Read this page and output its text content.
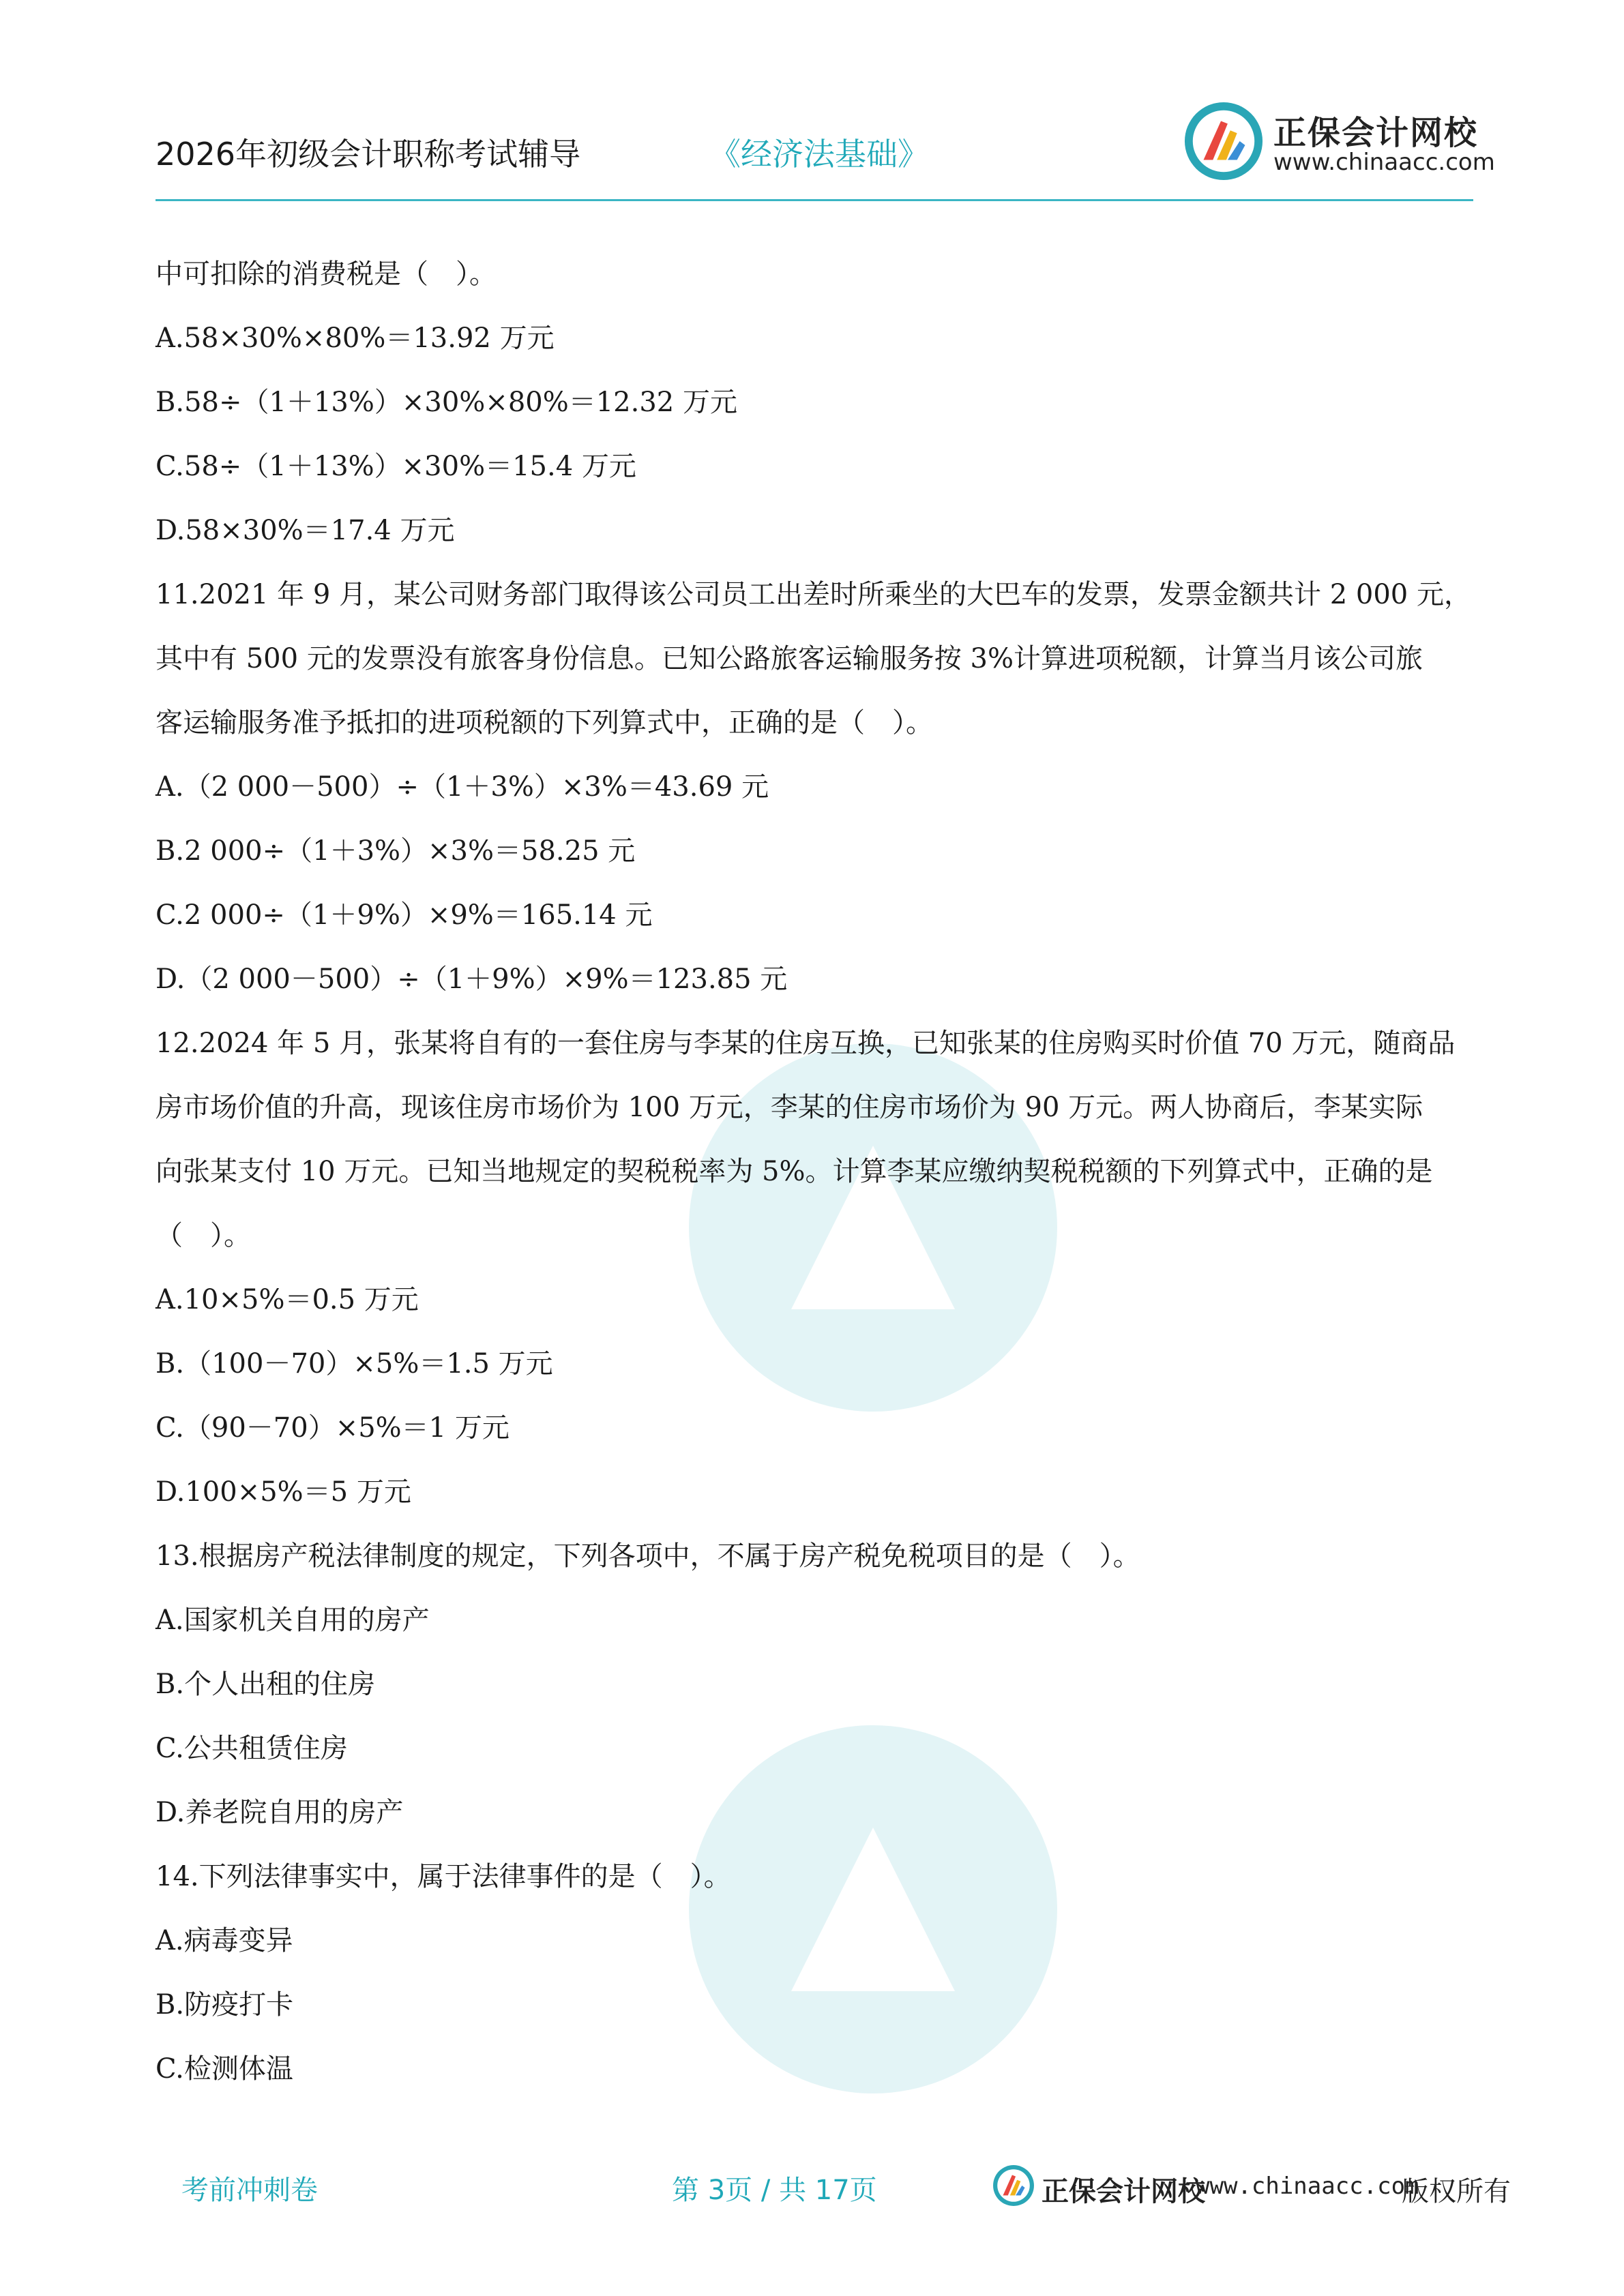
2026年初级会计职称考试辅导	《经济法基础》
正保会计网校
www.chinaacc.com
中可扣除的消费税是（　）。
A.58×30%×80%＝13.92 万元
B.58÷（1＋13%）×30%×80%＝12.32 万元
C.58÷（1＋13%）×30%＝15.4 万元
D.58×30%＝17.4 万元
11.2021 年 9 月，某公司财务部门取得该公司员工出差时所乘坐的大巴车的发票，发票金额共计 2 000 元，
其中有 500 元的发票没有旅客身份信息。已知公路旅客运输服务按 3%计算进项税额，计算当月该公司旅
客运输服务准予抵扣的进项税额的下列算式中，正确的是（　）。
A.（2 000－500）÷（1＋3%）×3%＝43.69 元
B.2 000÷（1＋3%）×3%＝58.25 元
C.2 000÷（1＋9%）×9%＝165.14 元
D.（2 000－500）÷（1＋9%）×9%＝123.85 元
12.2024 年 5 月，张某将自有的一套住房与李某的住房互换，已知张某的住房购买时价值 70 万元，随商品
房市场价值的升高，现该住房市场价为 100 万元，李某的住房市场价为 90 万元。两人协商后，李某实际
向张某支付 10 万元。已知当地规定的契税税率为 5%。计算李某应缴纳契税税额的下列算式中，正确的是
（　）。
A.10×5%＝0.5 万元
B.（100－70）×5%＝1.5 万元
C.（90－70）×5%＝1 万元
D.100×5%＝5 万元
13.根据房产税法律制度的规定，下列各项中，不属于房产税免税项目的是（　）。
A.国家机关自用的房产
B.个人出租的住房
C.公共租赁住房
D.养老院自用的房产
14.下列法律事实中，属于法律事件的是（　）。
A.病毒变异
B.防疫打卡
C.检测体温
考前冲刺卷	第 3页 / 共 17页	正保会计网校
www.chinaacc.com
版权所有
